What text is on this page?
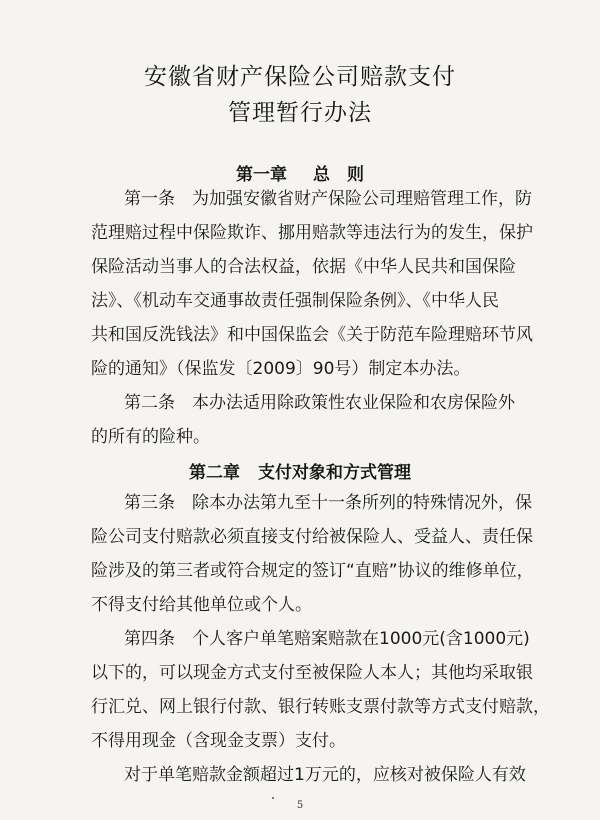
安徽省财产保险公司赔款支付
管理暂行办法
第一章 总　则
第一条　为加强安徽省财产保险公司理赔管理工作，防
范理赔过程中保险欺诈、挪用赔款等违法行为的发生，保护
保险活动当事人的合法权益，依据《中华人民共和国保险
法》、《机动车交通事故责任强制保险条例》、《中华人民
共和国反洗钱法》和中国保监会《关于防范车险理赔环节风
险的通知》（保监发〔2009〕90号）制定本办法。
第二条　本办法适用除政策性农业保险和农房保险外
的所有的险种。
第二章 支付对象和方式管理
第三条　除本办法第九至十一条所列的特殊情况外，保
险公司支付赔款必须直接支付给被保险人、受益人、责任保
险涉及的第三者或符合规定的签订“直赔”协议的维修单位，
不得支付给其他单位或个人。
第四条　个人客户单笔赔案赔款在1000元(含1000元)
以下的，可以现金方式支付至被保险人本人；其他均采取银
行汇兑、网上银行付款、银行转账支票付款等方式支付赔款，
不得用现金（含现金支票）支付。
对于单笔赔款金额超过1万元的，应核对被保险人有效
5
